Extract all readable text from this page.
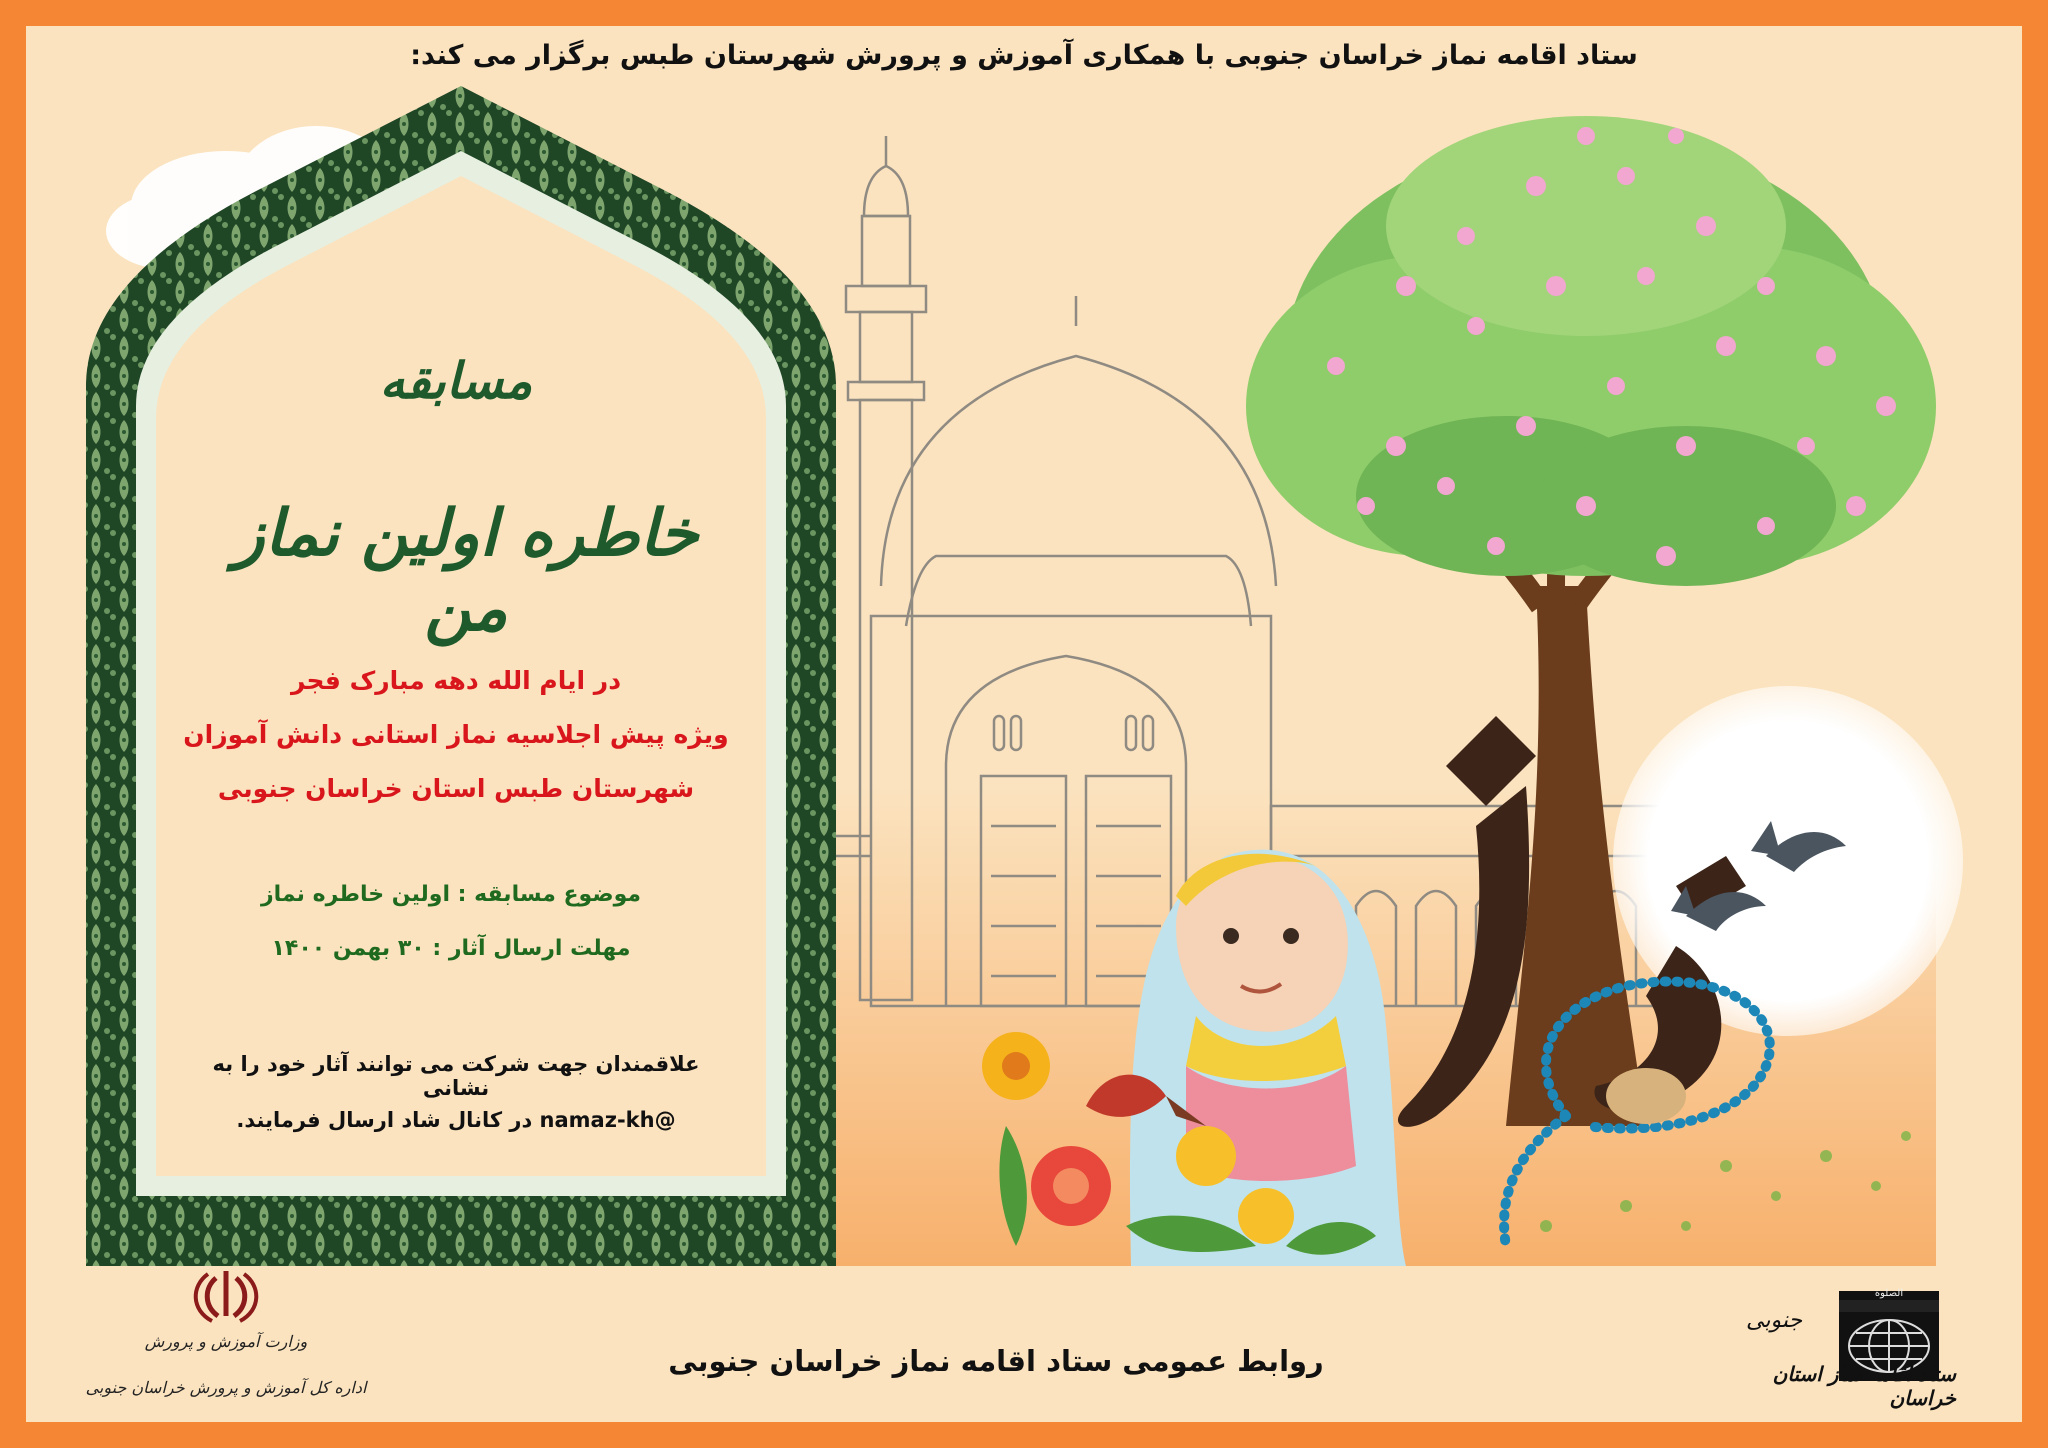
ستاد اقامه نماز خراسان جنوبی با همکاری آموزش و پرورش شهرستان طبس برگزار می کند:
مسابقه
خاطره اولین نماز من
در ایام الله دهه مبارک فجر
ویژه پیش اجلاسیه نماز استانی دانش آموزان
شهرستان طبس استان خراسان جنوبی
موضوع مسابقه : اولین خاطره نماز
مهلت ارسال آثار : ۳۰ بهمن ۱۴۰۰
علاقمندان جهت شرکت می توانند آثار خود را به نشانی
@namaz-kh در کانال شاد ارسال فرمایند.
روابط عمومی ستاد اقامه نماز خراسان جنوبی
وزارت آموزش و پرورش
اداره کل آموزش و پرورش خراسان جنوبی
الصلوة
جنوبی
ستاد اقامه نماز استان خراسان
